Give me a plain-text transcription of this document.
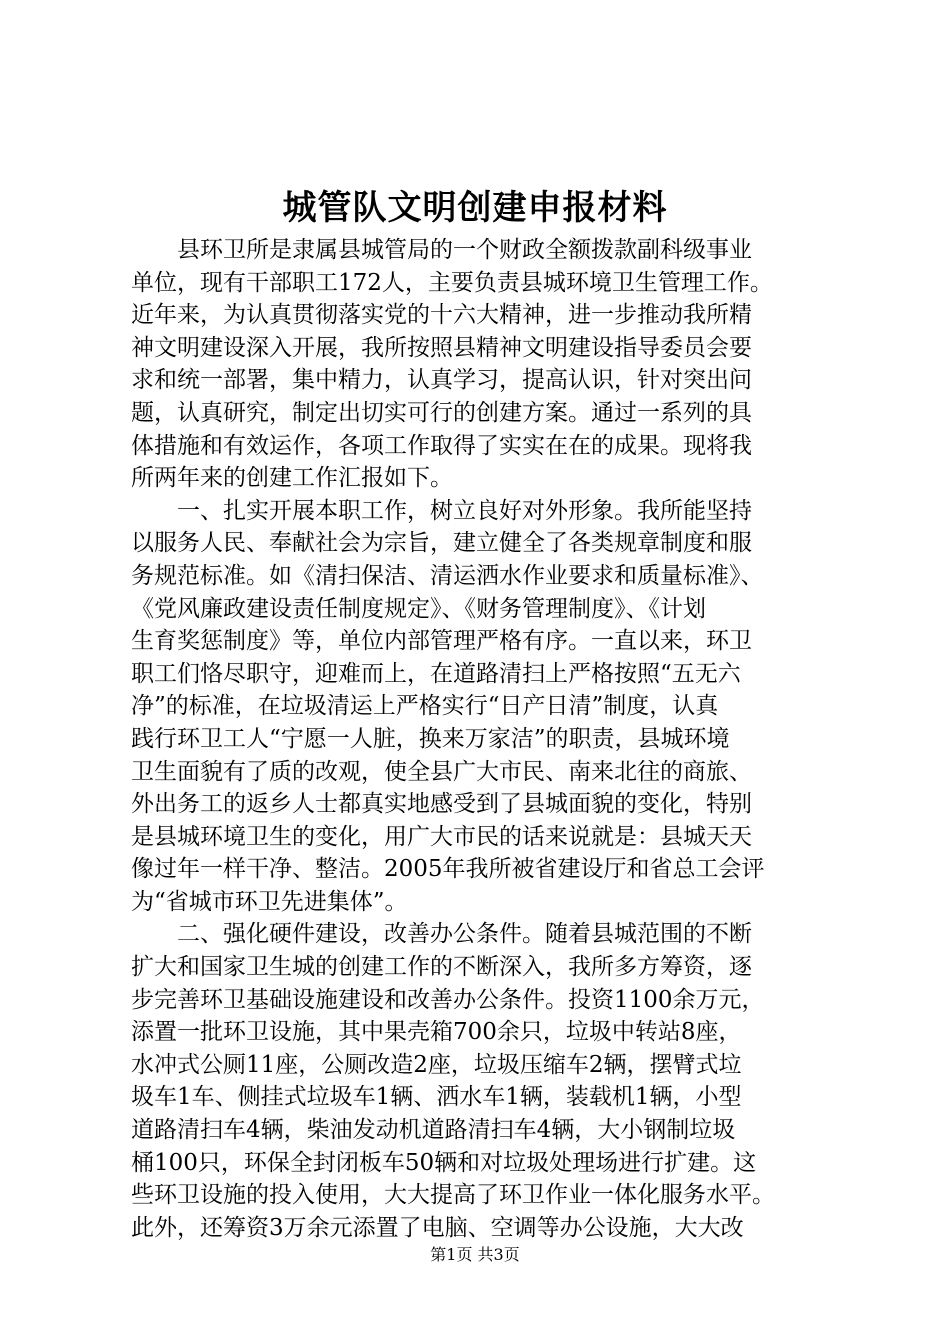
城管队文明创建申报材料
　　县环卫所是隶属县城管局的一个财政全额拨款副科级事业
单位，现有干部职工172人，主要负责县城环境卫生管理工作。
近年来，为认真贯彻落实党的十六大精神，进一步推动我所精
神文明建设深入开展，我所按照县精神文明建设指导委员会要
求和统一部署，集中精力，认真学习，提高认识，针对突出问
题，认真研究，制定出切实可行的创建方案。通过一系列的具
体措施和有效运作，各项工作取得了实实在在的成果。现将我
所两年来的创建工作汇报如下。
　　一、扎实开展本职工作，树立良好对外形象。我所能坚持
以服务人民、奉献社会为宗旨，建立健全了各类规章制度和服
务规范标准。如《清扫保洁、清运洒水作业要求和质量标准》、
《党风廉政建设责任制度规定》、《财务管理制度》、《计划
生育奖惩制度》等，单位内部管理严格有序。一直以来，环卫
职工们恪尽职守，迎难而上，在道路清扫上严格按照“五无六
净”的标准，在垃圾清运上严格实行“日产日清”制度，认真
践行环卫工人“宁愿一人脏，换来万家洁”的职责，县城环境
卫生面貌有了质的改观，使全县广大市民、南来北往的商旅、
外出务工的返乡人士都真实地感受到了县城面貌的变化，特别
是县城环境卫生的变化，用广大市民的话来说就是：县城天天
像过年一样干净、整洁。2005年我所被省建设厅和省总工会评
为“省城市环卫先进集体”。
　　二、强化硬件建设，改善办公条件。随着县城范围的不断
扩大和国家卫生城的创建工作的不断深入，我所多方筹资，逐
步完善环卫基础设施建设和改善办公条件。投资1100余万元，
添置一批环卫设施，其中果壳箱700余只，垃圾中转站8座，
水冲式公厕11座，公厕改造2座，垃圾压缩车2辆，摆臂式垃
圾车1车、侧挂式垃圾车1辆、洒水车1辆，装载机1辆，小型
道路清扫车4辆，柴油发动机道路清扫车4辆，大小钢制垃圾
桶100只，环保全封闭板车50辆和对垃圾处理场进行扩建。这
些环卫设施的投入使用，大大提高了环卫作业一体化服务水平。
此外，还筹资3万余元添置了电脑、空调等办公设施，大大改
第1页 共3页
